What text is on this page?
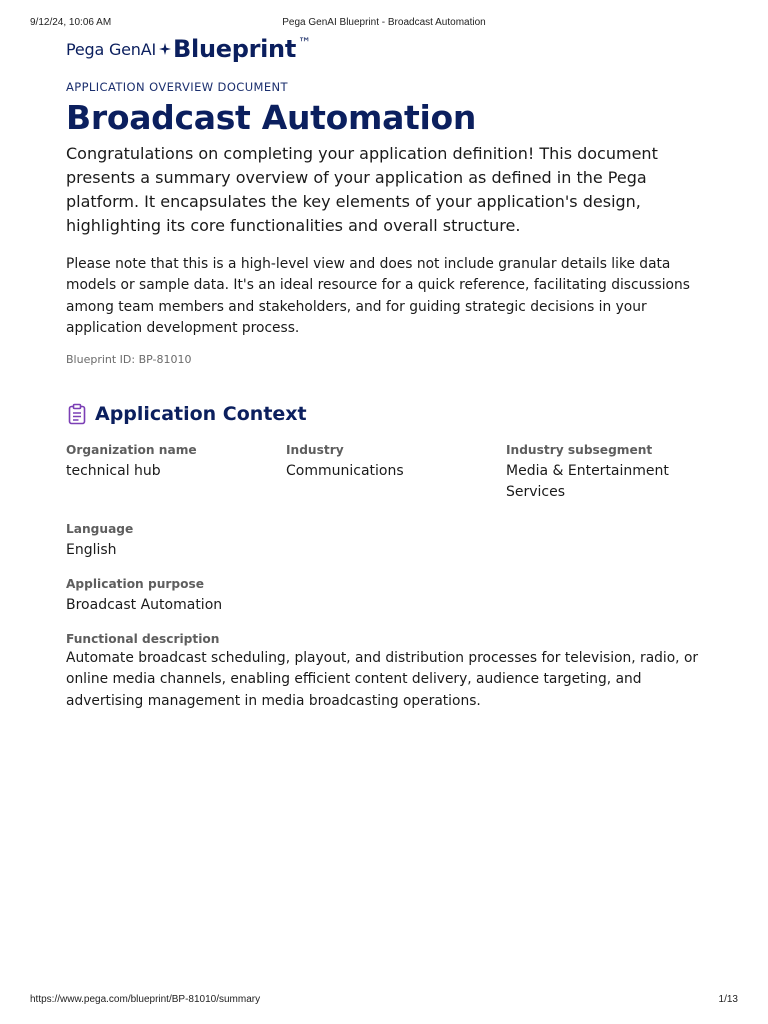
9/12/24, 10:06 AM	Pega GenAI Blueprint - Broadcast Automation
Pega GenAI Blueprint ™
APPLICATION OVERVIEW DOCUMENT
Broadcast Automation
Congratulations on completing your application definition! This document presents a summary overview of your application as defined in the Pega platform. It encapsulates the key elements of your application's design, highlighting its core functionalities and overall structure.
Please note that this is a high-level view and does not include granular details like data models or sample data. It's an ideal resource for a quick reference, facilitating discussions among team members and stakeholders, and for guiding strategic decisions in your application development process.
Blueprint ID: BP-81010
Application Context
Organization name
technical hub
Industry
Communications
Industry subsegment
Media & Entertainment Services
Language
English
Application purpose
Broadcast Automation
Functional description
Automate broadcast scheduling, playout, and distribution processes for television, radio, or online media channels, enabling efficient content delivery, audience targeting, and advertising management in media broadcasting operations.
https://www.pega.com/blueprint/BP-81010/summary	1/13
